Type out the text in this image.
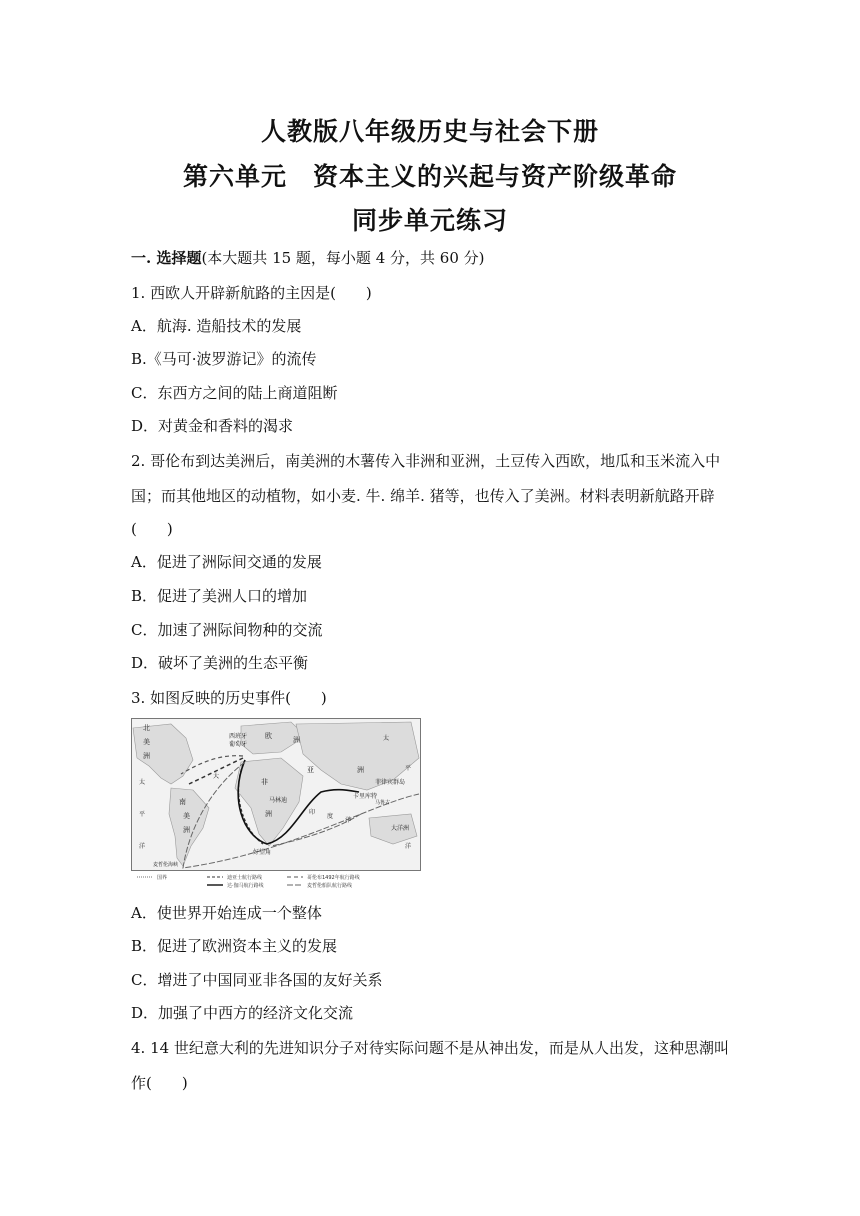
人教版八年级历史与社会下册
第六单元　资本主义的兴起与资产阶级革命
同步单元练习
一. 选择题(本大题共 15 题，每小题 4 分，共 60 分)
1. 西欧人开辟新航路的主因是(　　)
A．航海. 造船技术的发展
B.《马可·波罗游记》的流传
C．东西方之间的陆上商道阻断
D．对黄金和香料的渴求
2. 哥伦布到达美洲后，南美洲的木薯传入非洲和亚洲，土豆传入西欧，地瓜和玉米流入中
国；而其他地区的动植物，如小麦. 牛. 绵羊. 猪等，也传入了美洲。材料表明新航路开辟
(　　)
A．促进了洲际间交通的发展
B．促进了美洲人口的增加
C．加速了洲际间物种的交流
D．破坏了美洲的生态平衡
3. 如图反映的历史事件(　　)
北
美
洲
南
美
洲
非
洲
欧	洲
亚	洲
西班牙
葡萄牙
马林迪
菲律宾群岛
卡里库特
好望角
大洋洲
太
平
洋
大
印
度
洋
太
平
洋
麦哲伦海峡
马鲁古
国界	迪亚士航行路线
达·伽马航行路线
哥伦布1492年航行路线
麦哲伦船队航行路线
A．使世界开始连成一个整体
B．促进了欧洲资本主义的发展
C．增进了中国同亚非各国的友好关系
D．加强了中西方的经济文化交流
4. 14 世纪意大利的先进知识分子对待实际问题不是从神出发，而是从人出发，这种思潮叫
作(　　)
